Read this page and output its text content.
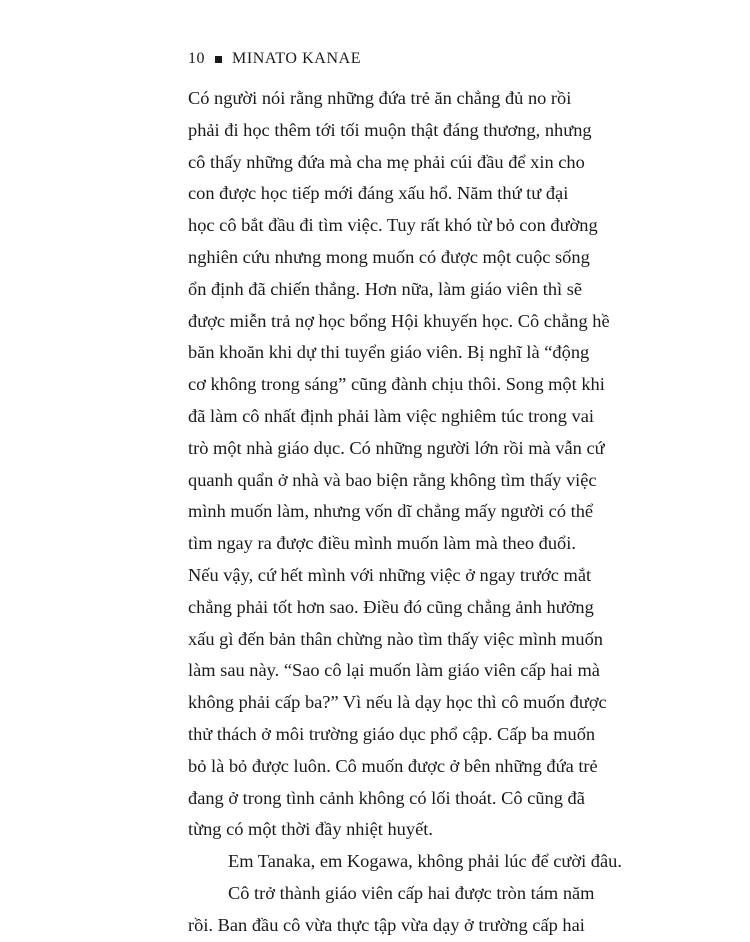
10 MINATO KANAE
Có người nói rằng những đứa trẻ ăn chẳng đủ no rồi
phải đi học thêm tới tối muộn thật đáng thương, nhưng
cô thấy những đứa mà cha mẹ phải cúi đầu để xin cho
con được học tiếp mới đáng xấu hổ. Năm thứ tư đại
học cô bắt đầu đi tìm việc. Tuy rất khó từ bỏ con đường
nghiên cứu nhưng mong muốn có được một cuộc sống
ổn định đã chiến thắng. Hơn nữa, làm giáo viên thì sẽ
được miễn trả nợ học bổng Hội khuyến học. Cô chẳng hề
băn khoăn khi dự thi tuyển giáo viên. Bị nghĩ là “động
cơ không trong sáng” cũng đành chịu thôi. Song một khi
đã làm cô nhất định phải làm việc nghiêm túc trong vai
trò một nhà giáo dục. Có những người lớn rồi mà vẫn cứ
quanh quẩn ở nhà và bao biện rằng không tìm thấy việc
mình muốn làm, nhưng vốn dĩ chẳng mấy người có thể
tìm ngay ra được điều mình muốn làm mà theo đuổi.
Nếu vậy, cứ hết mình với những việc ở ngay trước mắt
chẳng phải tốt hơn sao. Điều đó cũng chẳng ảnh hưởng
xấu gì đến bản thân chừng nào tìm thấy việc mình muốn
làm sau này. “Sao cô lại muốn làm giáo viên cấp hai mà
không phải cấp ba?” Vì nếu là dạy học thì cô muốn được
thử thách ở môi trường giáo dục phổ cập. Cấp ba muốn
bỏ là bỏ được luôn. Cô muốn được ở bên những đứa trẻ
đang ở trong tình cảnh không có lối thoát. Cô cũng đã
từng có một thời đầy nhiệt huyết.
Em Tanaka, em Kogawa, không phải lúc để cười đâu.
Cô trở thành giáo viên cấp hai được tròn tám năm
rồi. Ban đầu cô vừa thực tập vừa dạy ở trường cấp hai
